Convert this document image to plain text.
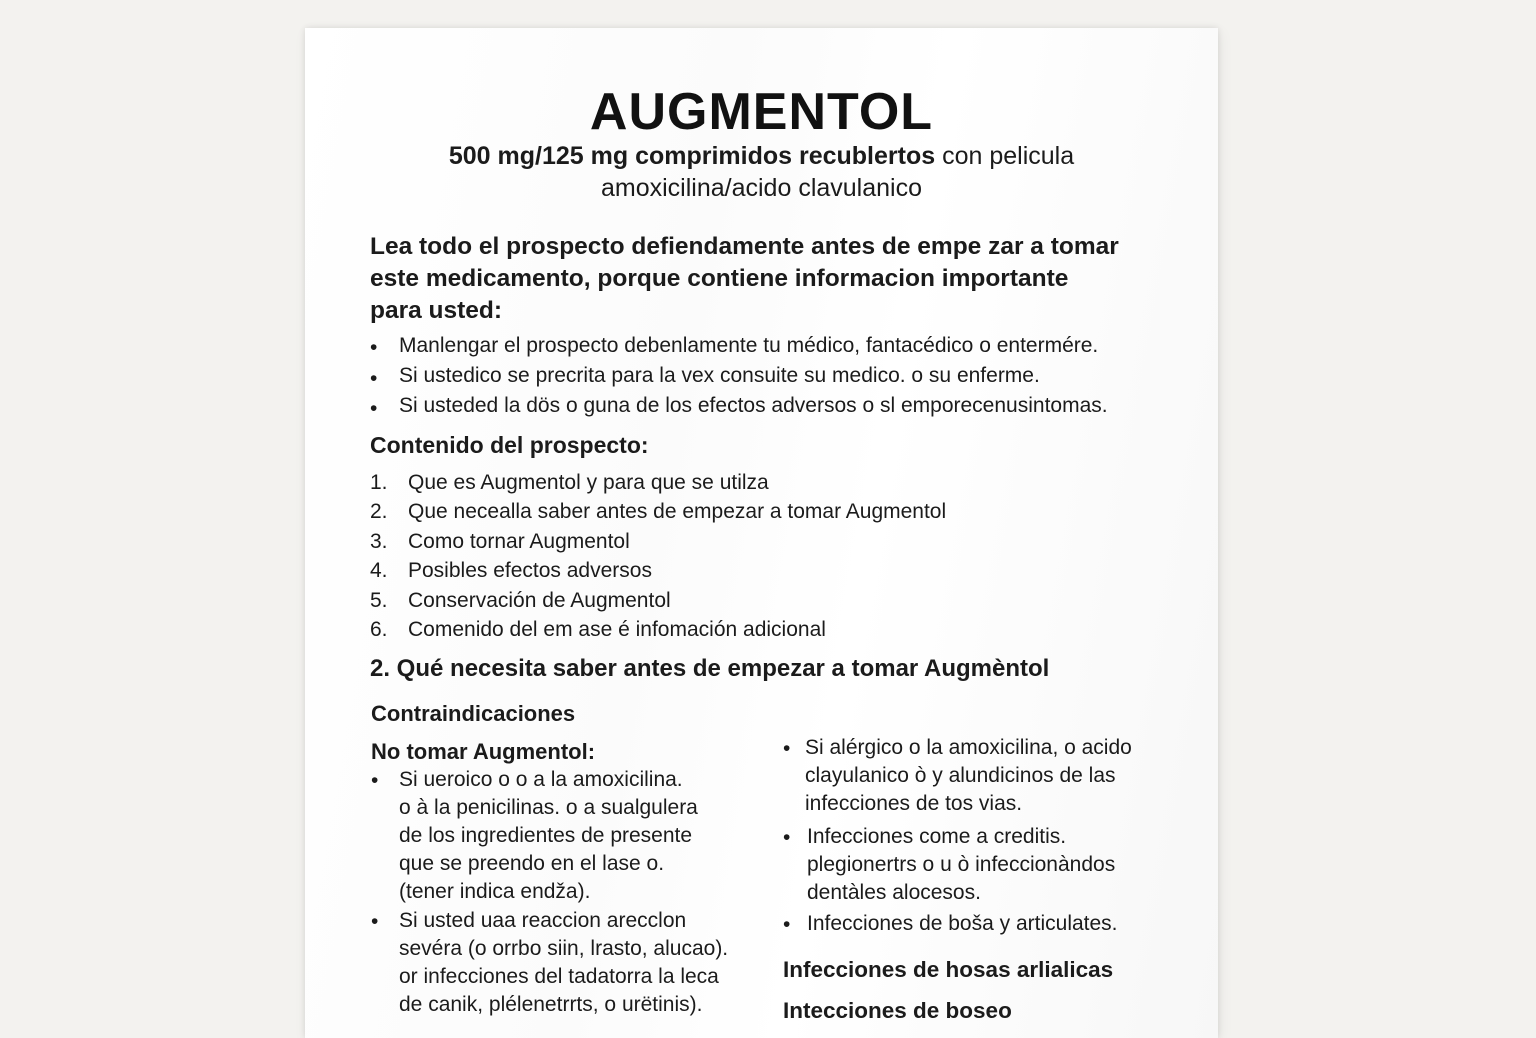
AUGMENTOL
500 mg/125 mg comprimidos recublertos con pelicula
amoxicilina/acido clavulanico
Lea todo el prospecto defiendamente antes de empe zar a tomar
este medicamento, porque contiene informacion importante
para usted:
• Manlengar el prospecto debenlamente tu médico, fantacédico o entermére.
• Si ustedico se precrita para la vex consuite su medico. o su enferme.
• Si usteded la dös o guna de los efectos adversos o sl emporecenusintomas.
Contenido del prospecto:
1. Que es Augmentol y para que se utilza
2. Que necealla saber antes de empezar a tomar Augmentol
3. Como tornar Augmentol
4. Posibles efectos adversos
5. Conservación de Augmentol
6. Comenido del em ase é infomación adicional
2. Qué necesita saber antes de empezar a tomar Augmèntol
Contraindicaciones
No tomar Augmentol:
• Si ueroico o o a la amoxicilina.
o à la penicilinas. o a sualgulera
de los ingredientes de presente
que se preendo en el lase o.
(tener indica endža).
• Si usted uaa reaccion arecclon
sevéra (o orrbo siin, lrasto, alucao).
or infecciones del tadatorra la leca
de canik, plélenetrrts, o urëtinis).
• Si alérgico o la amoxicilina, o acido
clayulanico ò y alundicinos de las
infecciones de tos vias.
• Infecciones come a creditis.
plegionertrs o u ò infeccionàndos
dentàles alocesos.
• Infecciones de boša y articulates.
Infecciones de hosas arlialicas
Intecciones de boseo
